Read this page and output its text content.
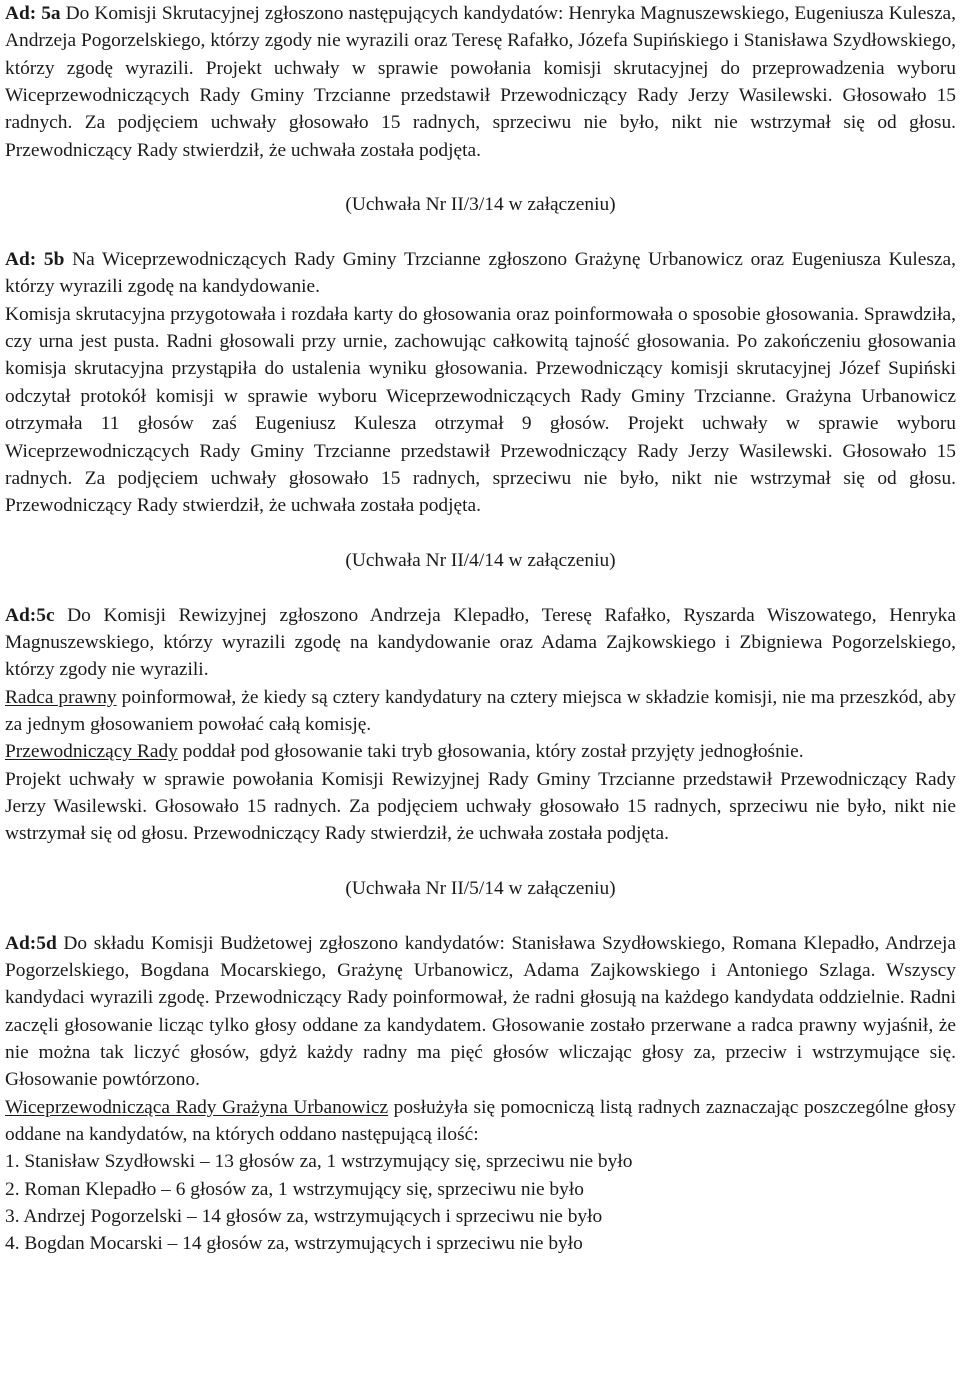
Ad: 5a Do Komisji Skrutacyjnej zgłoszono następujących kandydatów: Henryka Magnuszewskiego, Eugeniusza Kulesza, Andrzeja Pogorzelskiego, którzy zgody nie wyrazili oraz Teresę Rafałko, Józefa Supińskiego i Stanisława Szydłowskiego, którzy zgodę wyrazili. Projekt uchwały w sprawie powołania komisji skrutacyjnej do przeprowadzenia wyboru Wiceprzewodniczących Rady Gminy Trzcianne przedstawił Przewodniczący Rady Jerzy Wasilewski. Głosowało 15 radnych. Za podjęciem uchwały głosowało 15 radnych, sprzeciwu nie było, nikt nie wstrzymał się od głosu. Przewodniczący Rady stwierdził, że uchwała została podjęta.

(Uchwała Nr II/3/14 w załączeniu)

Ad: 5b Na Wiceprzewodniczących Rady Gminy Trzcianne zgłoszono Grażynę Urbanowicz oraz Eugeniusza Kulesza, którzy wyrazili zgodę na kandydowanie.

Komisja skrutacyjna przygotowała i rozdała karty do głosowania oraz poinformowała o sposobie głosowania. Sprawdziła, czy urna jest pusta. Radni głosowali przy urnie, zachowując całkowitą tajność głosowania. Po zakończeniu głosowania komisja skrutacyjna przystąpiła do ustalenia wyniku głosowania. Przewodniczący komisji skrutacyjnej Józef Supiński odczytał protokół komisji w sprawie wyboru Wiceprzewodniczących Rady Gminy Trzcianne. Grażyna Urbanowicz otrzymała 11 głosów zaś Eugeniusz Kulesza otrzymał 9 głosów. Projekt uchwały w sprawie wyboru Wiceprzewodniczących Rady Gminy Trzcianne przedstawił Przewodniczący Rady Jerzy Wasilewski. Głosowało 15 radnych. Za podjęciem uchwały głosowało 15 radnych, sprzeciwu nie było, nikt nie wstrzymał się od głosu. Przewodniczący Rady stwierdził, że uchwała została podjęta.

(Uchwała Nr II/4/14 w załączeniu)

Ad:5c Do Komisji Rewizyjnej zgłoszono Andrzeja Klepadło, Teresę Rafałko, Ryszarda Wiszowatego, Henryka Magnuszewskiego, którzy wyrazili zgodę na kandydowanie oraz Adama Zajkowskiego i Zbigniewa Pogorzelskiego, którzy zgody nie wyrazili.

Radca prawny poinformował, że kiedy są cztery kandydatury na cztery miejsca w składzie komisji, nie ma przeszkód, aby za jednym głosowaniem powołać całą komisję.

Przewodniczący Rady poddał pod głosowanie taki tryb głosowania, który został przyjęty jednogłośnie.

Projekt uchwały w sprawie powołania Komisji Rewizyjnej Rady Gminy Trzcianne przedstawił Przewodniczący Rady Jerzy Wasilewski. Głosowało 15 radnych. Za podjęciem uchwały głosowało 15 radnych, sprzeciwu nie było, nikt nie wstrzymał się od głosu. Przewodniczący Rady stwierdził, że uchwała została podjęta.

(Uchwała Nr II/5/14 w załączeniu)

Ad:5d Do składu Komisji Budżetowej zgłoszono kandydatów: Stanisława Szydłowskiego, Romana Klepadło, Andrzeja Pogorzelskiego, Bogdana Mocarskiego, Grażynę Urbanowicz, Adama Zajkowskiego i Antoniego Szlaga. Wszyscy kandydaci wyrazili zgodę. Przewodniczący Rady poinformował, że radni głosują na każdego kandydata oddzielnie. Radni zaczęli głosowanie licząc tylko głosy oddane za kandydatem. Głosowanie zostało przerwane a radca prawny wyjaśnił, że nie można tak liczyć głosów, gdyż każdy radny ma pięć głosów wliczając głosy za, przeciw i wstrzymujące się. Głosowanie powtórzono.

Wiceprzewodnicząca Rady Grażyna Urbanowicz posłużyła się pomocniczą listą radnych zaznaczając poszczególne głosy oddane na kandydatów, na których oddano następującą ilość:

1. Stanisław Szydłowski – 13 głosów za, 1 wstrzymujący się, sprzeciwu nie było

2. Roman Klepadło – 6 głosów za, 1 wstrzymujący się, sprzeciwu nie było

3. Andrzej Pogorzelski – 14 głosów za, wstrzymujących i sprzeciwu nie było

4. Bogdan Mocarski – 14 głosów za, wstrzymujących i sprzeciwu nie było
